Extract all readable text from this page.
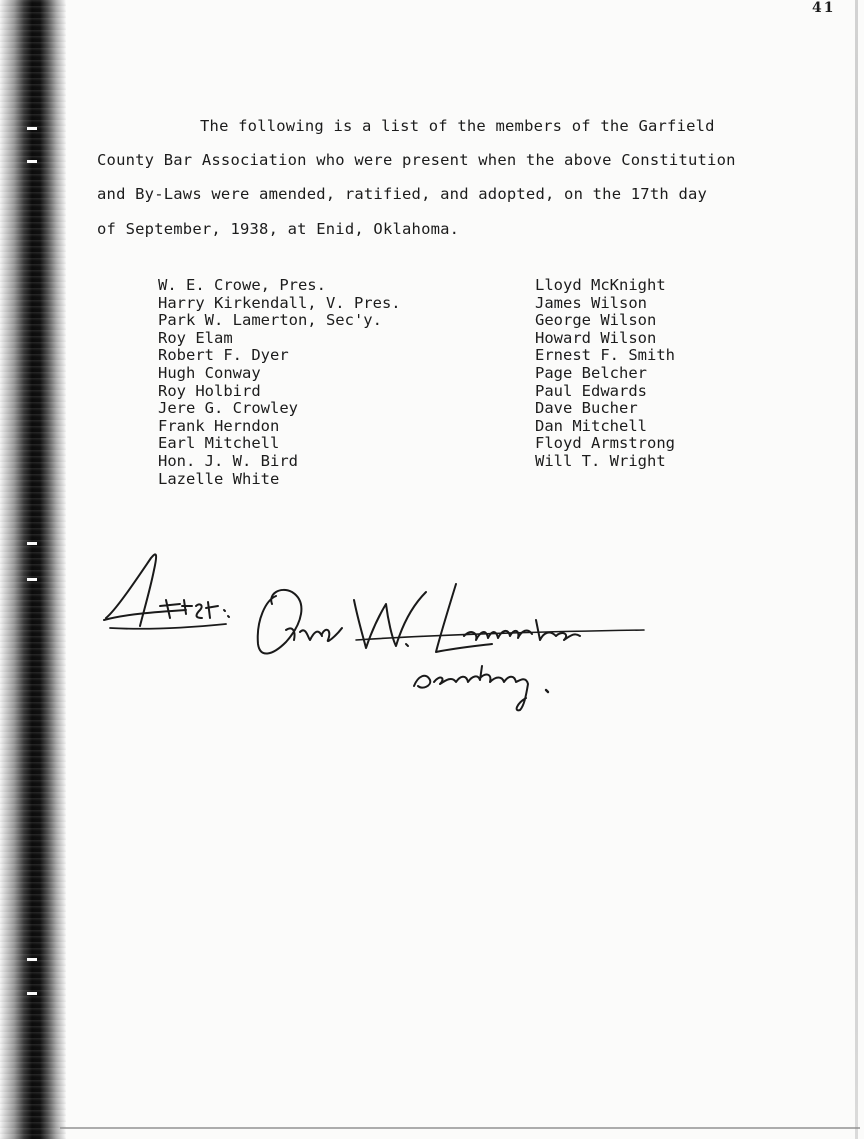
41
The following is a list of the members of the Garfield
County Bar Association who were present when the above Constitution
and By-Laws were amended, ratified, and adopted, on the 17th day
of September, 1938, at Enid, Oklahoma.
W. E. Crowe, Pres.
Harry Kirkendall, V. Pres.
Park W. Lamerton, Sec'y.
Roy Elam
Robert F. Dyer
Hugh Conway
Roy Holbird
Jere G. Crowley
Frank Herndon
Earl Mitchell
Hon. J. W. Bird
Lazelle White
Lloyd McKnight
James Wilson
George Wilson
Howard Wilson
Ernest F. Smith
Page Belcher
Paul Edwards
Dave Bucher
Dan Mitchell
Floyd Armstrong
Will T. Wright
